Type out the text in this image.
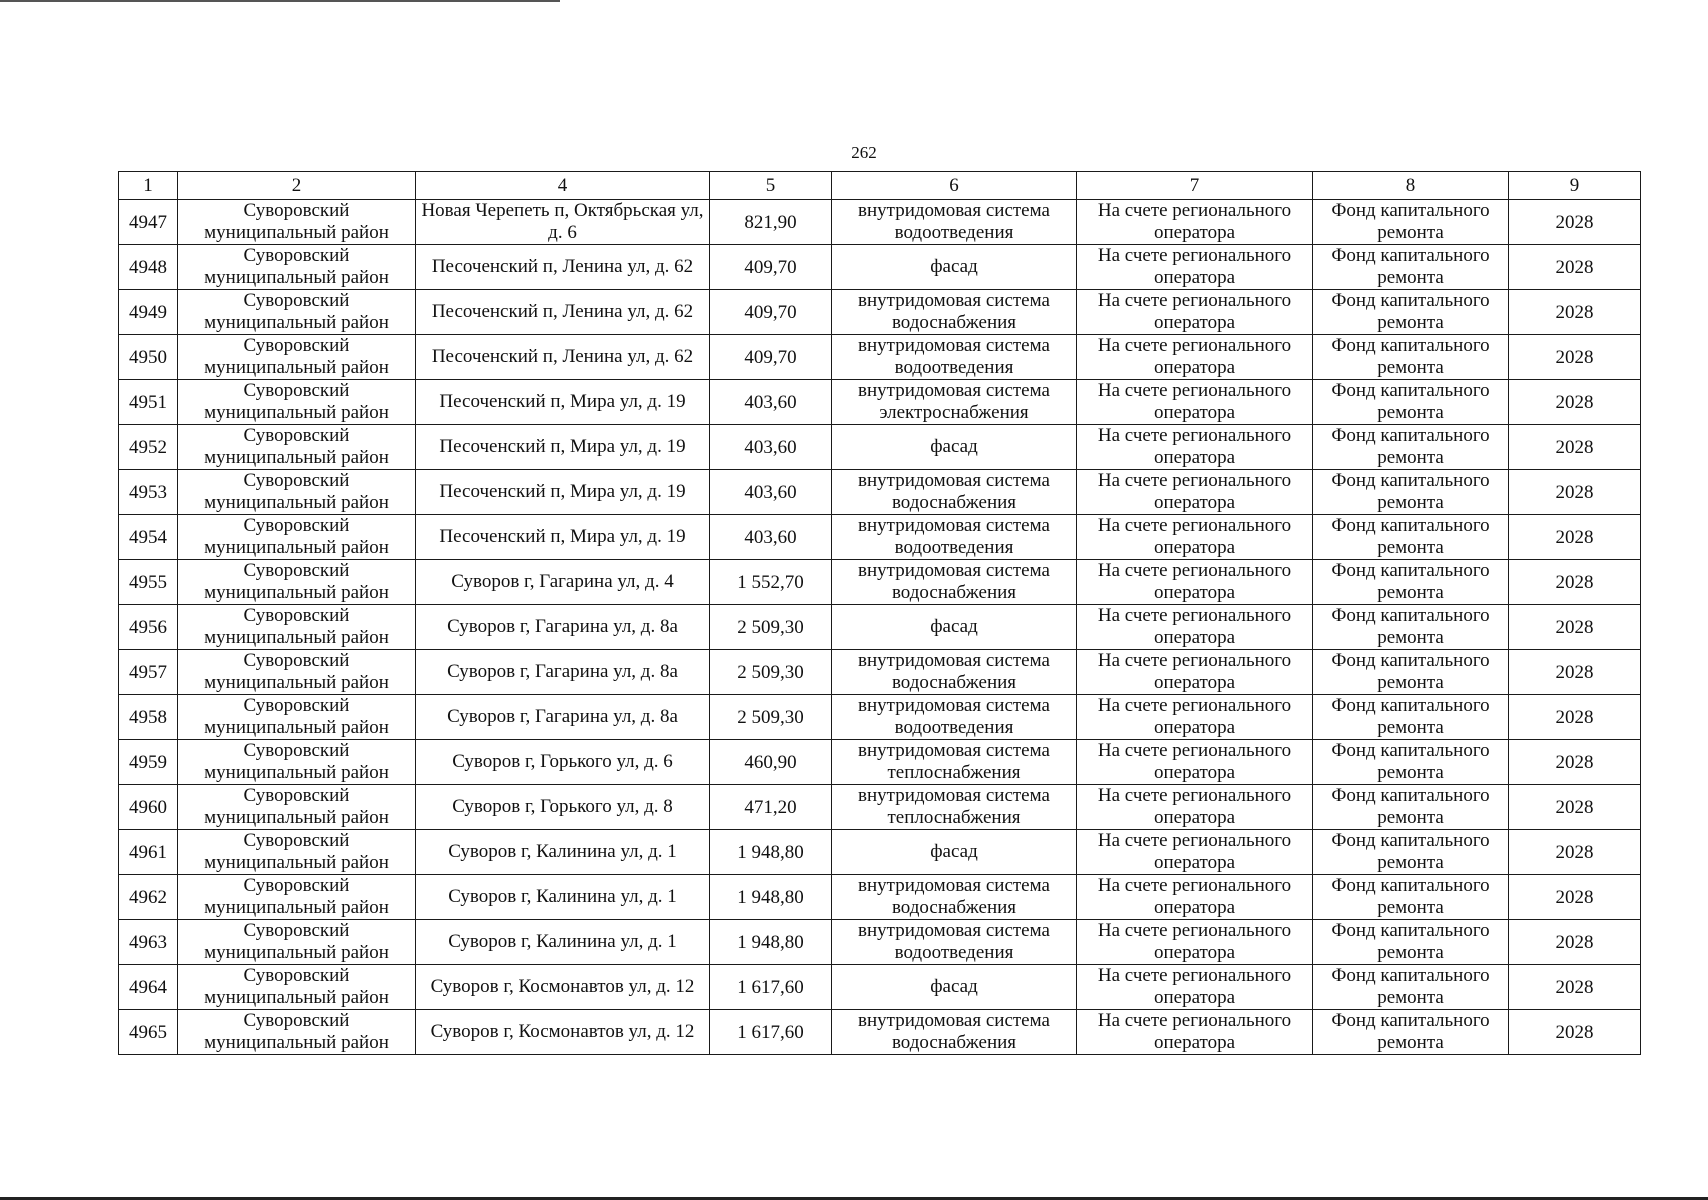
262
1	2	4	5	6	7	8	9
4947	Суворовский муниципальный район	Новая Черепеть п, Октябрьская ул, д. 6	821,90	внутридомовая система водоотведения	На счете регионального оператора	Фонд капитального ремонта	2028
4948	Суворовский муниципальный район	Песоченский п, Ленина ул, д. 62	409,70	фасад	На счете регионального оператора	Фонд капитального ремонта	2028
4949	Суворовский муниципальный район	Песоченский п, Ленина ул, д. 62	409,70	внутридомовая система водоснабжения	На счете регионального оператора	Фонд капитального ремонта	2028
4950	Суворовский муниципальный район	Песоченский п, Ленина ул, д. 62	409,70	внутридомовая система водоотведения	На счете регионального оператора	Фонд капитального ремонта	2028
4951	Суворовский муниципальный район	Песоченский п, Мира ул, д. 19	403,60	внутридомовая система электроснабжения	На счете регионального оператора	Фонд капитального ремонта	2028
4952	Суворовский муниципальный район	Песоченский п, Мира ул, д. 19	403,60	фасад	На счете регионального оператора	Фонд капитального ремонта	2028
4953	Суворовский муниципальный район	Песоченский п, Мира ул, д. 19	403,60	внутридомовая система водоснабжения	На счете регионального оператора	Фонд капитального ремонта	2028
4954	Суворовский муниципальный район	Песоченский п, Мира ул, д. 19	403,60	внутридомовая система водоотведения	На счете регионального оператора	Фонд капитального ремонта	2028
4955	Суворовский муниципальный район	Суворов г, Гагарина ул, д. 4	1 552,70	внутридомовая система водоснабжения	На счете регионального оператора	Фонд капитального ремонта	2028
4956	Суворовский муниципальный район	Суворов г, Гагарина ул, д. 8а	2 509,30	фасад	На счете регионального оператора	Фонд капитального ремонта	2028
4957	Суворовский муниципальный район	Суворов г, Гагарина ул, д. 8а	2 509,30	внутридомовая система водоснабжения	На счете регионального оператора	Фонд капитального ремонта	2028
4958	Суворовский муниципальный район	Суворов г, Гагарина ул, д. 8а	2 509,30	внутридомовая система водоотведения	На счете регионального оператора	Фонд капитального ремонта	2028
4959	Суворовский муниципальный район	Суворов г, Горького ул, д. 6	460,90	внутридомовая система теплоснабжения	На счете регионального оператора	Фонд капитального ремонта	2028
4960	Суворовский муниципальный район	Суворов г, Горького ул, д. 8	471,20	внутридомовая система теплоснабжения	На счете регионального оператора	Фонд капитального ремонта	2028
4961	Суворовский муниципальный район	Суворов г, Калинина ул, д. 1	1 948,80	фасад	На счете регионального оператора	Фонд капитального ремонта	2028
4962	Суворовский муниципальный район	Суворов г, Калинина ул, д. 1	1 948,80	внутридомовая система водоснабжения	На счете регионального оператора	Фонд капитального ремонта	2028
4963	Суворовский муниципальный район	Суворов г, Калинина ул, д. 1	1 948,80	внутридомовая система водоотведения	На счете регионального оператора	Фонд капитального ремонта	2028
4964	Суворовский муниципальный район	Суворов г, Космонавтов ул, д. 12	1 617,60	фасад	На счете регионального оператора	Фонд капитального ремонта	2028
4965	Суворовский муниципальный район	Суворов г, Космонавтов ул, д. 12	1 617,60	внутридомовая система водоснабжения	На счете регионального оператора	Фонд капитального ремонта	2028
